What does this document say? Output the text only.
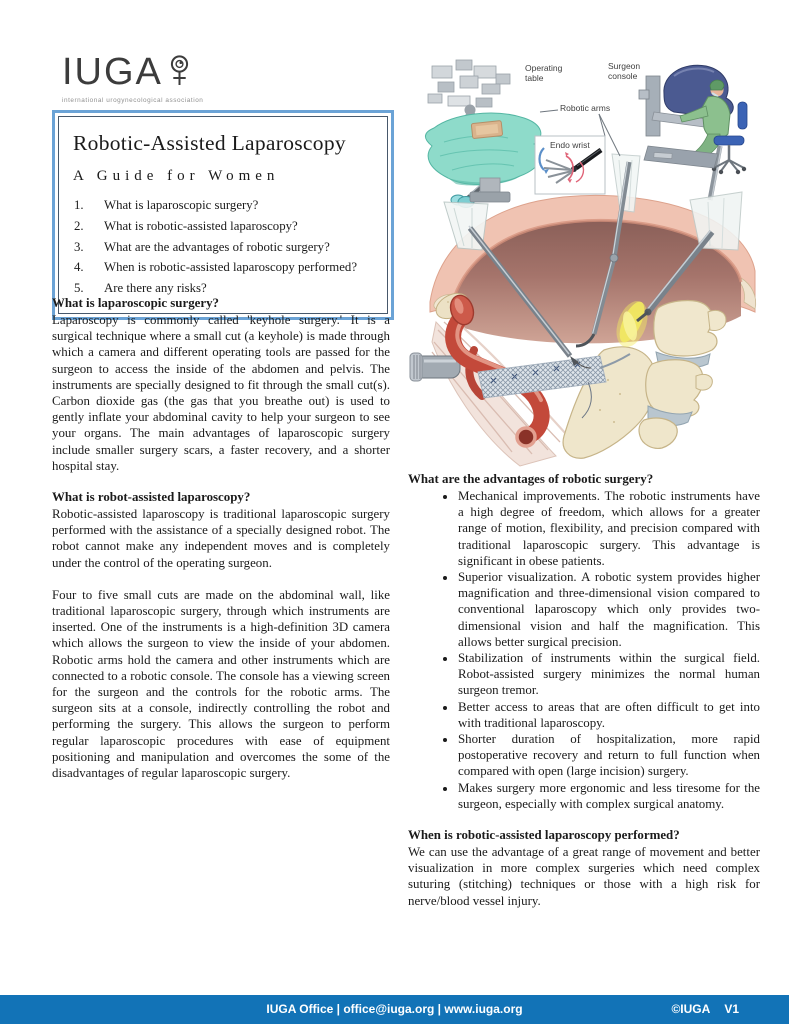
IUGA
international urogynecological association
Robotic-Assisted Laparoscopy
A Guide for Women
1.	What is laparoscopic surgery?
2.	What is robotic-assisted laparoscopy?
3.	What are the advantages of robotic surgery?
4.	When is robotic-assisted laparoscopy performed?
5.	Are there any risks?
Operating
table
Surgeon
console
Robotic arms
Endo wrist
What is laparoscopic surgery?

Laparoscopy is commonly called 'keyhole surgery.' It is a surgical technique where a small cut (a keyhole) is made through which a camera and different operating tools are passed for the surgeon to access the inside of the abdomen and pelvis. The instruments are specially designed to fit through the small cut(s). Carbon dioxide gas (the gas that you breathe out) is used to gently inflate your abdominal cavity to help your surgeon to see your organs. The main advantages of laparoscopic surgery include smaller surgery scars, a faster recovery, and a shorter hospital stay.

What is robot-assisted laparoscopy?

Robotic-assisted laparoscopy is traditional laparoscopic surgery performed with the assistance of a specially designed robot. The robot cannot make any independent moves and is completely under the control of the operating surgeon.

Four to five small cuts are made on the abdominal wall, like traditional laparoscopic surgery, through which instruments are inserted. One of the instruments is a high-definition 3D camera which allows the surgeon to view the inside of your abdomen. Robotic arms hold the camera and other instruments which are connected to a robotic console. The console has a viewing screen for the surgeon and the controls for the robotic arms. The surgeon sits at a console, indirectly controlling the robot and performing the surgery. This allows the surgeon to perform regular laparoscopic procedures with ease of equipment positioning and manipulation and overcomes the some of the disadvantages of regular laparoscopic surgery.

What are the advantages of robotic surgery?
• Mechanical improvements. The robotic instruments have a high degree of freedom, which allows for a greater range of motion, flexibility, and precision compared with traditional laparoscopic surgery. This advantage is significant in obese patients.
• Superior visualization. A robotic system provides higher magnification and three-dimensional vision compared to conventional laparoscopy which only provides two-dimensional vision and half the magnification. This allows better surgical precision.
• Stabilization of instruments within the surgical field. Robot-assisted surgery minimizes the normal human surgeon tremor.
• Better access to areas that are often difficult to get into with traditional laparoscopy.
• Shorter duration of hospitalization, more rapid postoperative recovery and return to full function when compared with open (large incision) surgery.
• Makes surgery more ergonomic and less tiresome for the surgeon, especially with complex surgical anatomy.
When is robotic-assisted laparoscopy performed?

We can use the advantage of a great range of movement and better visualization in more complex surgeries which need complex suturing (stitching) techniques or those with a high risk for nerve/blood vessel injury.

IUGA Office | office@iuga.org | www.iuga.org	©IUGA V1
